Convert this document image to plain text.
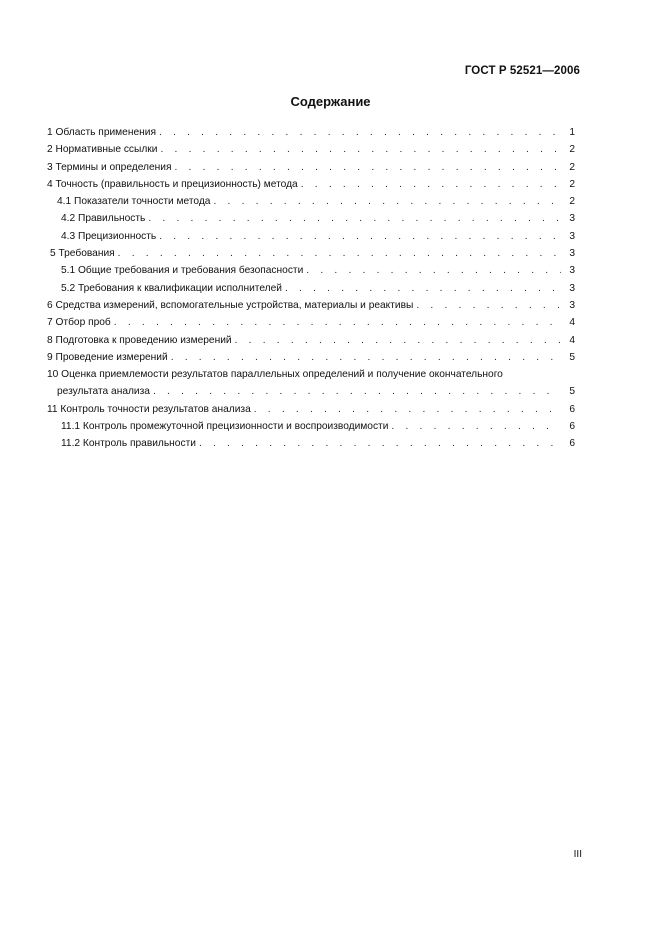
ГОСТ Р 52521—2006
Содержание
1 Область применения . . .	1
2 Нормативные ссылки . . .	2
3 Термины и определения . . .	2
4 Точность (правильность и прецизионность) метода . . .	2
4.1 Показатели точности метода . . .	2
4.2 Правильность . . .	3
4.3 Прецизионность . . .	3
5 Требования . . .	3
5.1 Общие требования и требования безопасности . . .	3
5.2 Требования к квалификации исполнителей . . .	3
6 Средства измерений, вспомогательные устройства, материалы и реактивы . . .	3
7 Отбор проб . . .	4
8 Подготовка к проведению измерений . . .	4
9 Проведение измерений . . .	5
10 Оценка приемлемости результатов параллельных определений и получение окончательного
результата анализа . . .	5
11 Контроль точности результатов анализа . . .	6
11.1 Контроль промежуточной прецизионности и воспроизводимости . . .	6
11.2 Контроль правильности . . .	6
III
